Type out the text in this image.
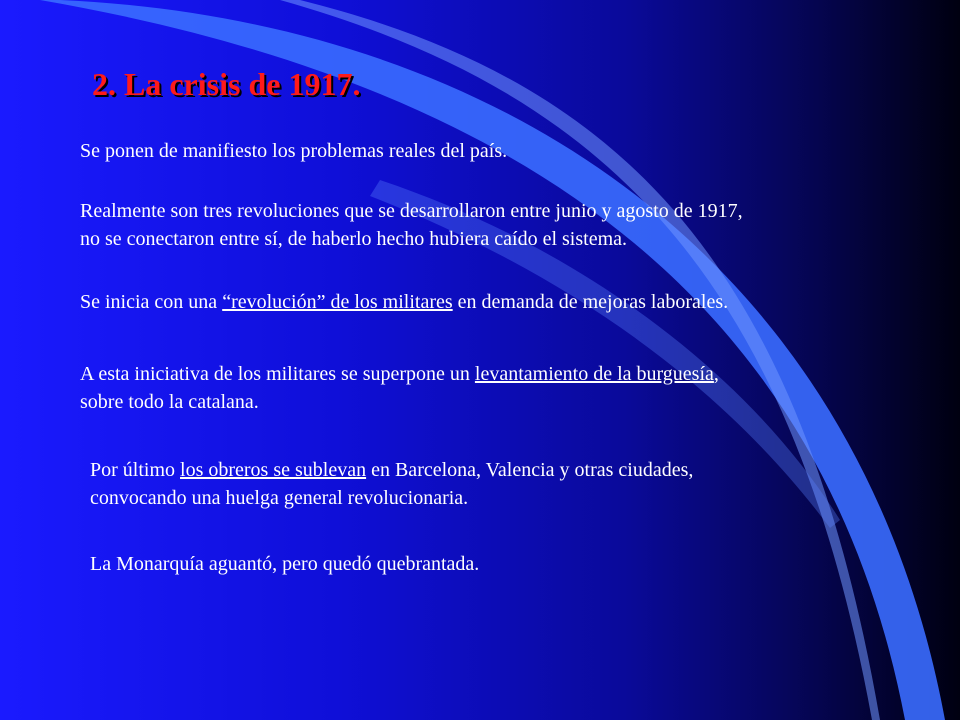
2. La crisis de 1917.

Se ponen de manifiesto los problemas reales del país.

Realmente son tres revoluciones que se desarrollaron entre junio y agosto de 1917,
no se conectaron entre sí, de haberlo hecho hubiera caído el sistema.

Se inicia con una “revolución” de los militares en demanda de mejoras laborales.

A esta iniciativa de los militares se superpone un levantamiento de la burguesía,
sobre todo la catalana.

Por último los obreros se sublevan en Barcelona, Valencia y otras ciudades,
convocando una huelga general revolucionaria.

La Monarquía aguantó, pero quedó quebrantada.
